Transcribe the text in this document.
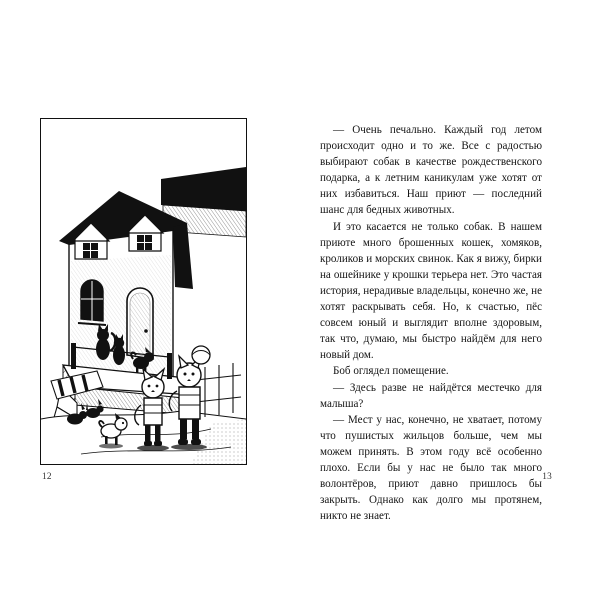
12

— Очень печально. Каждый год летом происходит одно и то же. Все с радостью выбирают собак в качестве рождественского подарка, а к летним каникулам уже хотят от них избавиться. Наш приют — последний шанс для бедных животных.

И это касается не только собак. В нашем приюте много брошенных кошек, хомяков, кроликов и морских свинок. Как я вижу, бирки на ошейнике у крошки терьера нет. Это частая история, нерадивые владельцы, конечно же, не хотят раскрывать себя. Но, к счастью, пёс совсем юный и выглядит вполне здоровым, так что, думаю, мы быстро найдём для него новый дом.

Боб оглядел помещение.

— Здесь разве не найдётся местечко для малыша?

— Мест у нас, конечно, не хватает, потому что пушистых жильцов больше, чем мы можем принять. В этом году всё особенно плохо. Если бы у нас не было так много волонтёров, приют давно пришлось бы закрыть. Однако как долго мы протянем, никто не знает.

13
